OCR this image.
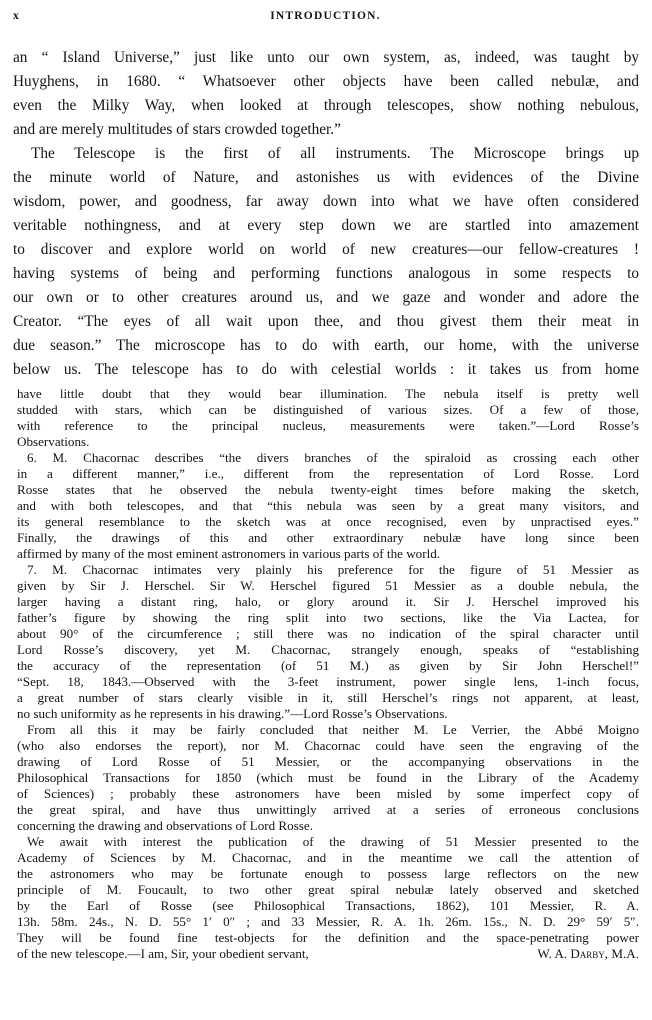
x	INTRODUCTION.
an “ Island Universe,” just like unto our own system, as, indeed, was taught by
Huyghens, in 1680. “ Whatsoever other objects have been called nebulæ, and
even the Milky Way, when looked at through telescopes, show nothing nebulous,
and are merely multitudes of stars crowded together.”
The Telescope is the first of all instruments. The Microscope brings up
the minute world of Nature, and astonishes us with evidences of the Divine
wisdom, power, and goodness, far away down into what we have often considered
veritable nothingness, and at every step down we are startled into amazement
to discover and explore world on world of new creatures—our fellow-creatures !
having systems of being and performing functions analogous in some respects to
our own or to other creatures around us, and we gaze and wonder and adore the
Creator. “The eyes of all wait upon thee, and thou givest them their meat in
due season.” The microscope has to do with earth, our home, with the universe
below us. The telescope has to do with celestial worlds : it takes us from home
have little doubt that they would bear illumination. The nebula itself is pretty well
studded with stars, which can be distinguished of various sizes. Of a few of those,
with reference to the principal nucleus, measurements were taken.”—Lord Rosse’s
Observations.
6. M. Chacornac describes “the divers branches of the spiraloid as crossing each other
in a different manner,” i.e., different from the representation of Lord Rosse. Lord
Rosse states that he observed the nebula twenty-eight times before making the sketch,
and with both telescopes, and that “this nebula was seen by a great many visitors, and
its general resemblance to the sketch was at once recognised, even by unpractised eyes.”
Finally, the drawings of this and other extraordinary nebulæ have long since been
affirmed by many of the most eminent astronomers in various parts of the world.
7. M. Chacornac intimates very plainly his preference for the figure of 51 Messier as
given by Sir J. Herschel. Sir W. Herschel figured 51 Messier as a double nebula, the
larger having a distant ring, halo, or glory around it. Sir J. Herschel improved his
father’s figure by showing the ring split into two sections, like the Via Lactea, for
about 90° of the circumference ; still there was no indication of the spiral character until
Lord Rosse’s discovery, yet M. Chacornac, strangely enough, speaks of “establishing
the accuracy of the representation (of 51 M.) as given by Sir John Herschel!”
“Sept. 18, 1843.—Observed with the 3-feet instrument, power single lens, 1-inch focus,
a great number of stars clearly visible in it, still Herschel’s rings not apparent, at least,
no such uniformity as he represents in his drawing.”—Lord Rosse’s Observations.
From all this it may be fairly concluded that neither M. Le Verrier, the Abbé Moigno
(who also endorses the report), nor M. Chacornac could have seen the engraving of the
drawing of Lord Rosse of 51 Messier, or the accompanying observations in the
Philosophical Transactions for 1850 (which must be found in the Library of the Academy
of Sciences) ; probably these astronomers have been misled by some imperfect copy of
the great spiral, and have thus unwittingly arrived at a series of erroneous conclusions
concerning the drawing and observations of Lord Rosse.
We await with interest the publication of the drawing of 51 Messier presented to the
Academy of Sciences by M. Chacornac, and in the meantime we call the attention of
the astronomers who may be fortunate enough to possess large reflectors on the new
principle of M. Foucault, to two other great spiral nebulæ lately observed and sketched
by the Earl of Rosse (see Philosophical Transactions, 1862), 101 Messier, R. A.
13h. 58m. 24s., N. D. 55° 1′ 0″ ; and 33 Messier, R. A. 1h. 26m. 15s., N. D. 29° 59′ 5″.
They will be found fine test-objects for the definition and the space-penetrating power
of the new telescope.—I am, Sir, your obedient servant,	W. A. Darby, M.A.
